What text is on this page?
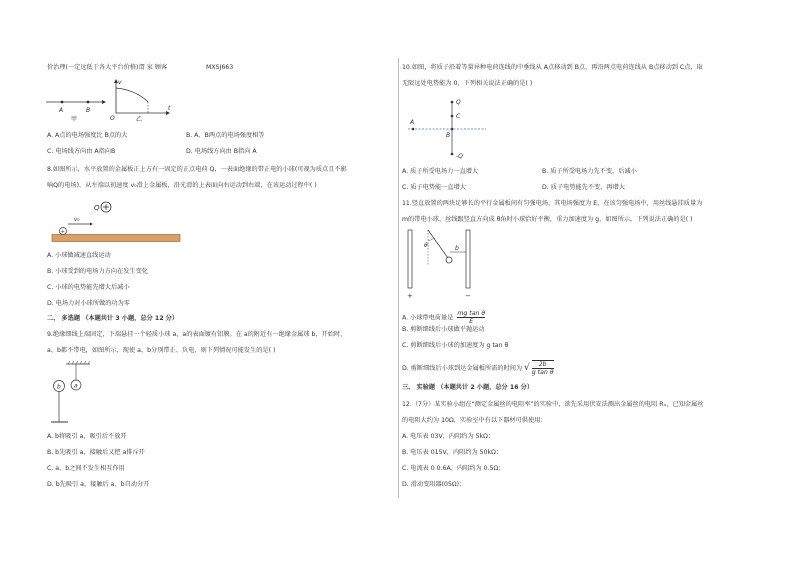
价治理(一定远低于各大平台价格)谓 家 顾客	MXSJ663
A	B
甲	O
t
v
乙
A. A点的电场强度比 B点的大	B. A、B两点的电场强度相等
C. 电场线方向由 A指向B	D. 电场线方向由 B指向 A
8.如图所示，水平放置的金属板正上方有一固定的正点电荷 Q，一表面绝缘的带正电的小球(可视为质点且不影
响Q的电场)，从左端以初速度 v₀滑上金属板，沿光滑的上表面向右运动到右端，在该运动过程中( )
Q
v₀
+
A. 小球做减速直线运动
B. 小球受到的电场力方向在发生变化
C. 小球的电势能先增大后减小
D. 电场力对小球所做的功为零
二、 多选题 （本题共计 3 小题，总分 12 分）
9.绝缘细线上端固定，下端悬挂一个轻质小球 a，a的表面镀有铝膜。在 a的附近有一绝缘金属球 b，开始时，
a、b都不带电，如图所示，现使 a、b分别带正、负电，则下列情况可能发生的是( )
a
b
A. b将吸引 a，吸引后不放开
B. b先吸引 a，接触后又把 a排斥开
C. a、b之间不发生相互作用
D. b先吸引 a，接触后 a、b自动分开
10.如图，将质子沿着等量异种电荷连线的中垂线从 A点移动到 B点，再沿两点电荷连线从 B点移动到 C点，取
无限远处电势能为 0，下列相关说法正确的是( )
Q
C
B
A
-Q
A. 质子所受电场力一直增大	B. 质子所受电场力先不变，后减小
C. 质子电势能一直增大	D. 质子电势能先不变，再增大
11.竖直放置的两块足够长的平行金属板间有匀强电场，其电场强度为 E，在该匀强电场中，用丝线悬挂质量为
m的带电小球，丝线跟竖直方向成 θ角时小球恰好平衡，重力加速度为 g，如图所示，下列说法正确的是( )
θ	b
+	−
A. 小球带电荷量是 $\frac{\text{mg tan θ}}{E}$
B. 剪断细线后小球做平抛运动
C. 剪断细线后小球的加速度为 g tan θ
D. 剪断细线后小球到达金属板所需的时间为 √ $\frac{2b}{\text{g tan θ}}$
三、 实验题 （本题共计 2 小题，总分 16 分）
12.（7分）某实验小组在“测定金属丝的电阻率”的实验中，欲先采用伏安法测出金属丝的电阻 Rₓ，已知金属丝
的电阻大约为 10Ω，实验室中有以下器材可供使用：
A. 电压表 03V，内阻约为 5kΩ；
B. 电压表 015V，内阻约为 50kΩ；
C. 电流表 0 0.6A，内阻约为 0.5Ω；
D. 滑动变阻器(05Ω)；
